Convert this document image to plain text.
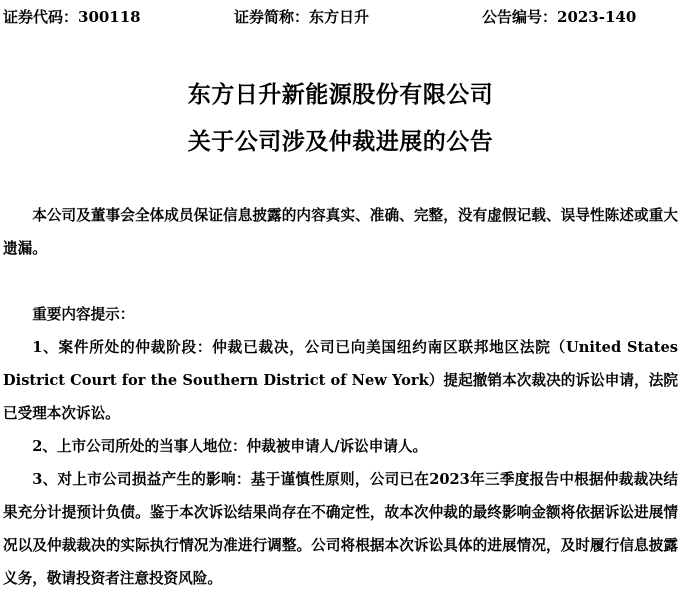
证券代码：300118	证券简称：东方日升	公告编号：2023-140
东方日升新能源股份有限公司
关于公司涉及仲裁进展的公告
本公司及董事会全体成员保证信息披露的内容真实、准确、完整，没有虚假记载、误导性陈述或重大遗漏。
重要内容提示：
1、案件所处的仲裁阶段：仲裁已裁决，公司已向美国纽约南区联邦地区法院（United States District Court for the Southern District of New York）提起撤销本次裁决的诉讼申请，法院已受理本次诉讼。
2、上市公司所处的当事人地位：仲裁被申请人/诉讼申请人。
3、对上市公司损益产生的影响：基于谨慎性原则，公司已在2023年三季度报告中根据仲裁裁决结果充分计提预计负债。鉴于本次诉讼结果尚存在不确定性，故本次仲裁的最终影响金额将依据诉讼进展情况以及仲裁裁决的实际执行情况为准进行调整。公司将根据本次诉讼具体的进展情况，及时履行信息披露义务，敬请投资者注意投资风险。
